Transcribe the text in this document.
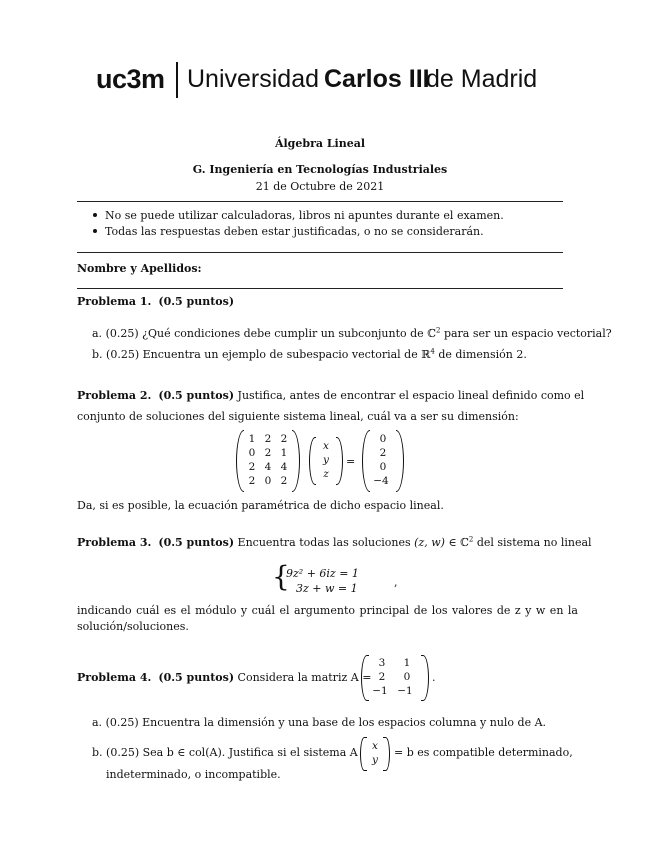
uc3m Universidad Carlos III
de Madrid
Álgebra Lineal
G. Ingeniería en Tecnologías Industriales
21 de Octubre de 2021
No se puede utilizar calculadoras, libros ni apuntes durante el examen.
Todas las respuestas deben estar justificadas, o no se considerarán.
Nombre y Apellidos:
Problema 1. (0.5 puntos)
a. (0.25) ¿Qué condiciones debe cumplir un subconjunto de ℂ$^2$ para ser un espacio vectorial?
b. (0.25) Encuentra un ejemplo de subespacio vectorial de ℝ$^4$ de dimensión 2.
Problema 2. (0.5 puntos) Justifica, antes de encontrar el espacio lineal definido como el
conjunto de soluciones del siguiente sistema lineal, cuál va a ser su dimensión:
1 2 2
0 2 1
2 4 4
2 0 2
x
y
z
=
0
2
0
−4
Da, si es posible, la ecuación paramétrica de dicho espacio lineal.
Problema 3. (0.5 puntos) Encuentra todas las soluciones (z, w) ∈ ℂ$^2$ del sistema no lineal
{
9z² + 6iz = 1
3z + w = 1	,
indicando cuál es el módulo y cuál el argumento principal de los valores de z y w en la
solución/soluciones.
Problema 4. (0.5 puntos) Considera la matriz A =
3	1
2	0
−1 −1
.
a. (0.25) Encuentra la dimensión y una base de los espacios columna y nulo de A.
b. (0.25) Sea b ∈ col(A). Justifica si el sistema A	x
y
= b es compatible determinado,
indeterminado, o incompatible.
